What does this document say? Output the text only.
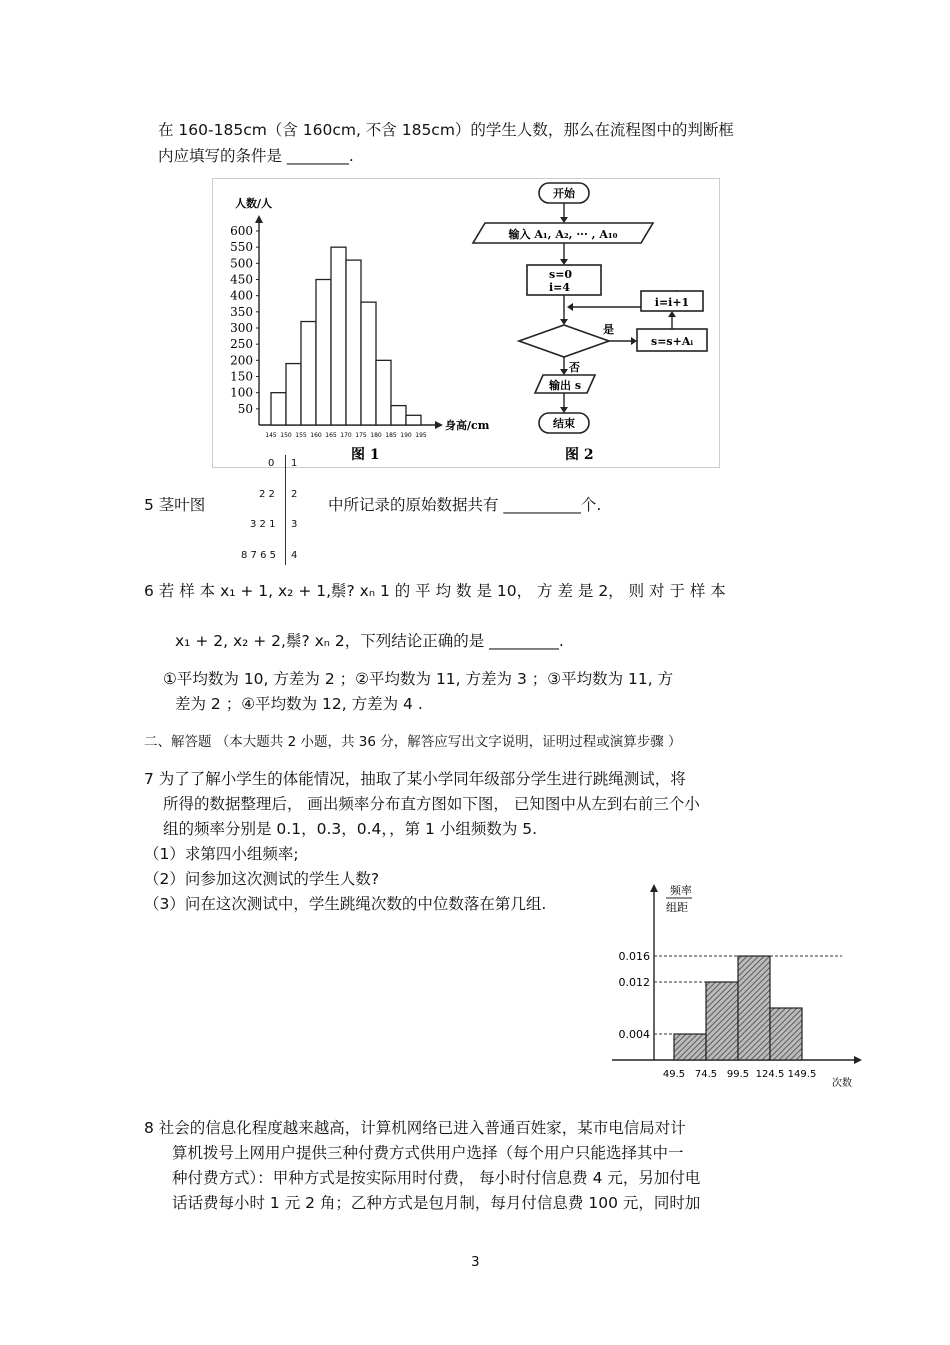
在 160-185cm（含 160cm, 不含 185cm）的学生人数，那么在流程图中的判断框
内应填写的条件是 ________.
600
550
500
450
400
350
300
250
200
150
100
50
145 150 155 160 165 170 175 180 185 190 195
人数/人
身高/cm
图 1
开始
输入 A₁, A₂, ··· , A₁₀
s=0
i=4
是
s=s+Aᵢ
i=i+1
否
输出 s
结束
图 2
0 1
2 2 2
3 2 1 3
8 7 6 5 4
5 茎叶图	中所记录的原始数据共有 __________个.
6 若 样 本 x₁ + 1, x₂ + 1,鬃? xₙ 1 的 平 均 数 是 10， 方 差 是 2， 则 对 于 样 本
x₁ + 2, x₂ + 2,鬃? xₙ 2，下列结论正确的是 _________.
①平均数为 10, 方差为 2 ；②平均数为 11, 方差为 3 ；③平均数为 11, 方
差为 2 ；④平均数为 12, 方差为 4 .
二、解答题 （本大题共 2 小题，共 36 分，解答应写出文字说明，证明过程或演算步骤 ）
7 为了了解小学生的体能情况，抽取了某小学同年级部分学生进行跳绳测试，将
所得的数据整理后， 画出频率分布直方图如下图， 已知图中从左到右前三个小
组的频率分别是 0.1，0.3，0.4，，第 1 小组频数为 5.
（1）求第四小组频率;
（2）问参加这次测试的学生人数?
（3）问在这次测试中，学生跳绳次数的中位数落在第几组.
频率
组距
次数
0.016
0.012
0.004
49.5 74.5 99.5 124.5 149.5
8 社会的信息化程度越来越高，计算机网络已进入普通百姓家，某市电信局对计
算机拨号上网用户提供三种付费方式供用户选择（每个用户只能选择其中一
种付费方式）：甲种方式是按实际用时付费， 每小时付信息费 4 元，另加付电
话话费每小时 1 元 2 角；乙种方式是包月制，每月付信息费 100 元，同时加
3
